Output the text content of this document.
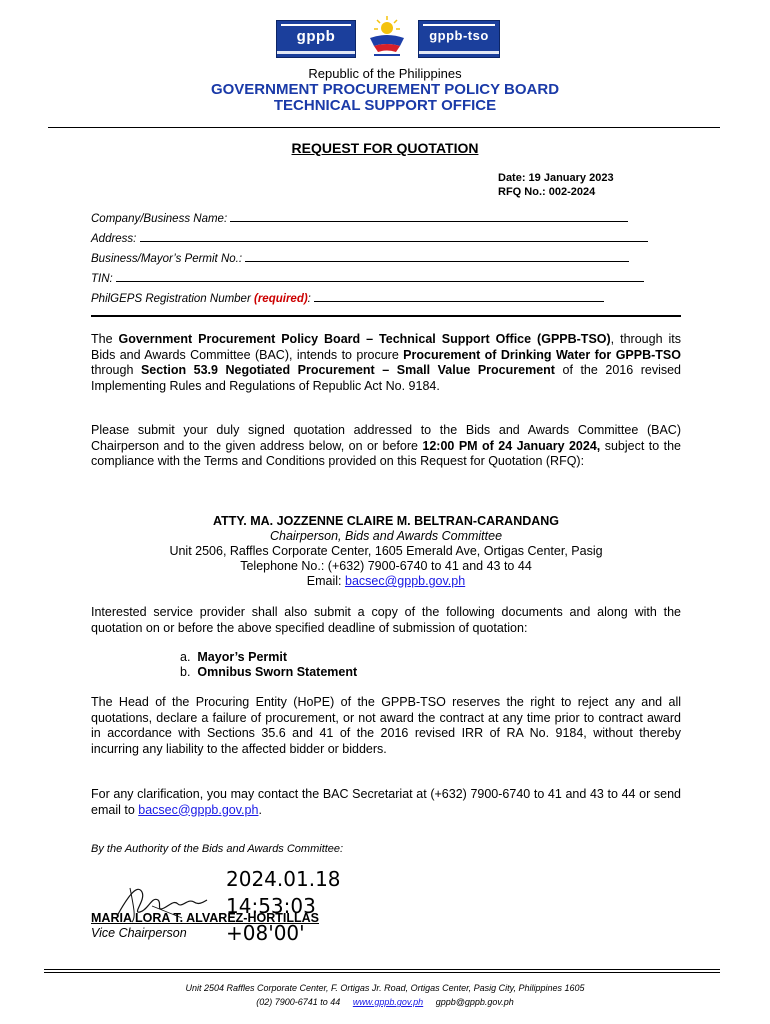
gppb	gppb-tso
Republic of the Philippines
GOVERNMENT PROCUREMENT POLICY BOARD
TECHNICAL SUPPORT OFFICE
REQUEST FOR QUOTATION
Date: 19 January 2023
RFQ No.: 002-2024
Company/Business Name:
Address:
Business/Mayor’s Permit No.:
TIN:
PhilGEPS Registration Number (required):
The Government Procurement Policy Board – Technical Support Office (GPPB-TSO), through its Bids and Awards Committee (BAC), intends to procure Procurement of Drinking Water for GPPB-TSO through Section 53.9 Negotiated Procurement – Small Value Procurement of the 2016 revised Implementing Rules and Regulations of Republic Act No. 9184.
Please submit your duly signed quotation addressed to the Bids and Awards Committee (BAC) Chairperson and to the given address below, on or before 12:00 PM of 24 January 2024, subject to the compliance with the Terms and Conditions provided on this Request for Quotation (RFQ):
ATTY. MA. JOZZENNE CLAIRE M. BELTRAN-CARANDANG
Chairperson, Bids and Awards Committee
Unit 2506, Raffles Corporate Center, 1605 Emerald Ave, Ortigas Center, Pasig
Telephone No.: (+632) 7900-6740 to 41 and 43 to 44
Email: bacsec@gppb.gov.ph
Interested service provider shall also submit a copy of the following documents and along with the quotation on or before the above specified deadline of submission of quotation:
a. Mayor’s Permit
b. Omnibus Sworn Statement
The Head of the Procuring Entity (HoPE) of the GPPB-TSO reserves the right to reject any and all quotations, declare a failure of procurement, or not award the contract at any time prior to contract award in accordance with Sections 35.6 and 41 of the 2016 revised IRR of RA No. 9184, without thereby incurring any liability to the affected bidder or bidders.
For any clarification, you may contact the BAC Secretariat at (+632) 7900-6740 to 41 and 43 to 44 or send email to bacsec@gppb.gov.ph.
By the Authority of the Bids and Awards Committee:
2024.01.18
14:53:03
+08'00'
MARIA LORA T. ALVAREZ-HORTILLAS
Vice Chairperson
Unit 2504 Raffles Corporate Center, F. Ortigas Jr. Road, Ortigas Center, Pasig City, Philippines 1605
(02) 7900-6741 to 44 www.gppb.gov.ph gppb@gppb.gov.ph
